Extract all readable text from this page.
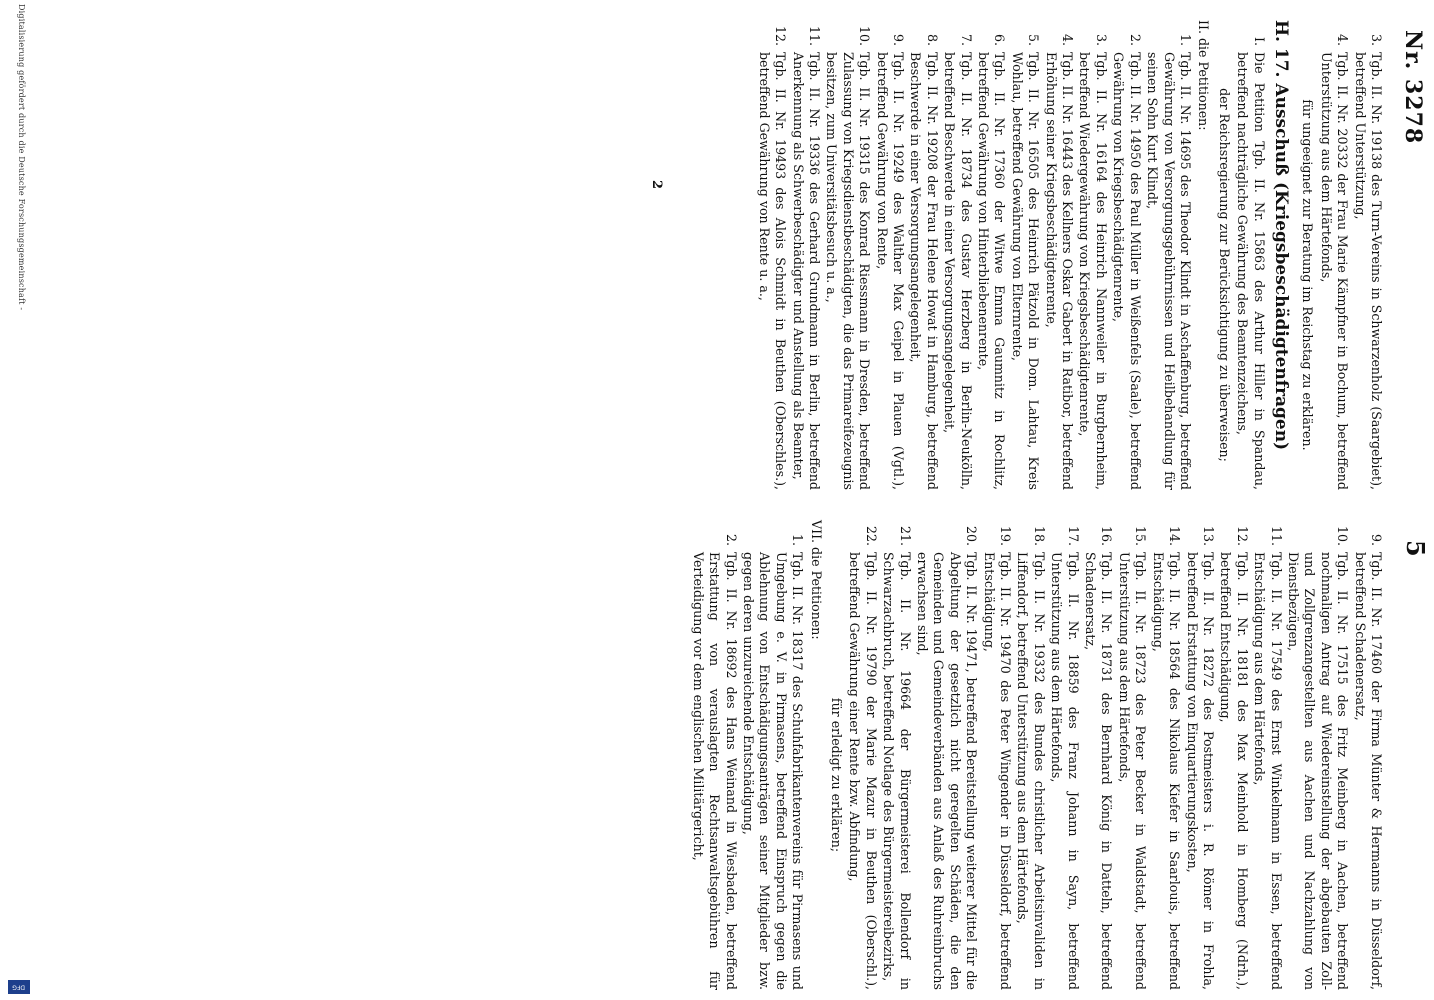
Nr. 3278
5
3.
Tgb. II. Nr. 19138 des Turn-Vereins in Schwarzenholz (Saargebiet), betreffend Unterstützung,
4.
Tgb. II. Nr. 20332 der Frau Marie Kämpfner in Bochum, betreffend Unterstützung aus dem Härtefonds,
für ungeeignet zur Beratung im Reichstag zu erklären.
H. 17. Ausschuß (Kriegsbeschädigtenfragen)
I.
Die Petition Tgb. II. Nr. 15863 des Arthur Hiller in Spandau, betreffend nachträgliche Gewährung des Beamtenzeichens,
der Reichsregierung zur Berücksichtigung zu überweisen;
II. die Petitionen:
1.
Tgb. II. Nr. 14695 des Theodor Klindt in Aschaffenburg, betreffend Gewährung von Versorgungsgebührnissen und Heilbehandlung für seinen Sohn Kurt Klindt,
2.
Tgb. II. Nr. 14950 des Paul Müller in Weißenfels (Saale), betreffend Gewährung von Kriegsbeschädigtenrente,
3.
Tgb. II. Nr. 16164 des Heinrich Nannweiler in Burgbernheim, betreffend Wiedergewährung von Kriegsbeschädigtenrente,
4.
Tgb. II. Nr. 16443 des Kellners Oskar Gabert in Ratibor, betreffend Erhöhung seiner Kriegsbeschädigtenrente,
5.
Tgb. II. Nr. 16505 des Heinrich Pätzold in Dom. Lahtau, Kreis Wohlau, betreffend Gewährung von Elternrente,
6.
Tgb. II. Nr. 17360 der Witwe Emma Gaumnitz in Rochlitz, betreffend Gewährung von Hinterbliebenenrente,
7.
Tgb. II. Nr. 18734 des Gustav Herzberg in Berlin-Neukölln, betreffend Beschwerde in einer Versorgungsangelegenheit,
8.
Tgb. II. Nr. 19208 der Frau Helene Howat in Hamburg, betreffend Beschwerde in einer Versorgungsangelegenheit,
9.
Tgb. II. Nr. 19249 des Walther Max Geipel in Plauen (Vgtl.), betreffend Gewährung von Rente,
10.
Tgb. II. Nr. 19315 des Konrad Riessmann in Dresden, betreffend Zulassung von Kriegsdienstbeschädigten, die das Primareifezeugnis besitzen, zum Universitätsbesuch u. a.,
11.
Tgb. II. Nr. 19336 des Gerhard Grundmann in Berlin, betreffend Anerkennung als Schwerbeschädigter und Anstellung als Beamter,
12.
Tgb. II. Nr. 19493 des Alois Schmidt in Beuthen (Oberschles.), betreffend Gewährung von Rente u. a.,
2
9.
Tgb. II. Nr. 17460 der Firma Münter & Hermanns in Düsseldorf, betreffend Schadenersatz,
10.
Tgb. II. Nr. 17515 des Fritz Meinberg in Aachen, betreffend nochmaligen Antrag auf Wiedereinstellung der abgebauten Zoll- und Zollgrenzangestellten aus Aachen und Nachzahlung von Dienstbezügen,
11.
Tgb. II. Nr. 17549 des Ernst Winkelmann in Essen, betreffend Entschädigung aus dem Härtefonds,
12.
Tgb. II. Nr. 18181 des Max Meinhold in Homberg (Ndrh.), betreffend Entschädigung,
13.
Tgb. II. Nr. 18272 des Postmeisters i. R. Römer in Frohla, betreffend Erstattung von Einquartierungskosten,
14.
Tgb. II. Nr. 18564 des Nikolaus Kiefer in Saarlouis, betreffend Entschädigung,
15.
Tgb. II. Nr. 18723 des Peter Becker in Waldstadt, betreffend Unterstützung aus dem Härtefonds,
16.
Tgb. II. Nr. 18731 des Bernhard König in Datteln, betreffend Schadenersatz,
17.
Tgb. II. Nr. 18859 des Franz Johann in Sayn, betreffend Unterstützung aus dem Härtefonds,
18.
Tgb. II. Nr. 19332 des Bundes christlicher Arbeitsinvaliden in Liffendorf, betreffend Unterstützung aus dem Härtefonds,
19.
Tgb. II. Nr. 19470 des Peter Wingender in Düsseldorf, betreffend Entschädigung,
20.
Tgb. II. Nr. 19471, betreffend Bereitstellung weiterer Mittel für die Abgeltung der gesetzlich nicht geregelten Schäden, die den Gemeinden und Gemeindeverbänden aus Anlaß des Ruhreinbruchs erwachsen sind,
21.
Tgb. II. Nr. 19664 der Bürgermeisterei Bollendorf in Schwarzachbruch, betreffend Notlage des Bürgermeistereibezirks,
22.
Tgb. II. Nr. 19790 der Marie Mazur in Beuthen (Oberschl.), betreffend Gewährung einer Rente bzw. Abfindung,
für erledigt zu erklären;
VII. die Petitionen:
1.
Tgb. II. Nr. 18317 des Schuhfabrikantenvereins für Pirmasens und Umgebung e. V. in Pirmasens, betreffend Einspruch gegen die Ablehnung von Entschädigungsanträgen seiner Mitglieder bzw. gegen deren unzureichende Entschädigung,
2.
Tgb. II. Nr. 18692 des Hans Weinand in Wiesbaden, betreffend Erstattung von verauslagten Rechtsanwaltsgebühren für Verteidigung vor dem englischen Militärgericht,
Digitalisierung gefördert durch die Deutsche Forschungsgemeinschaft -
DFG
